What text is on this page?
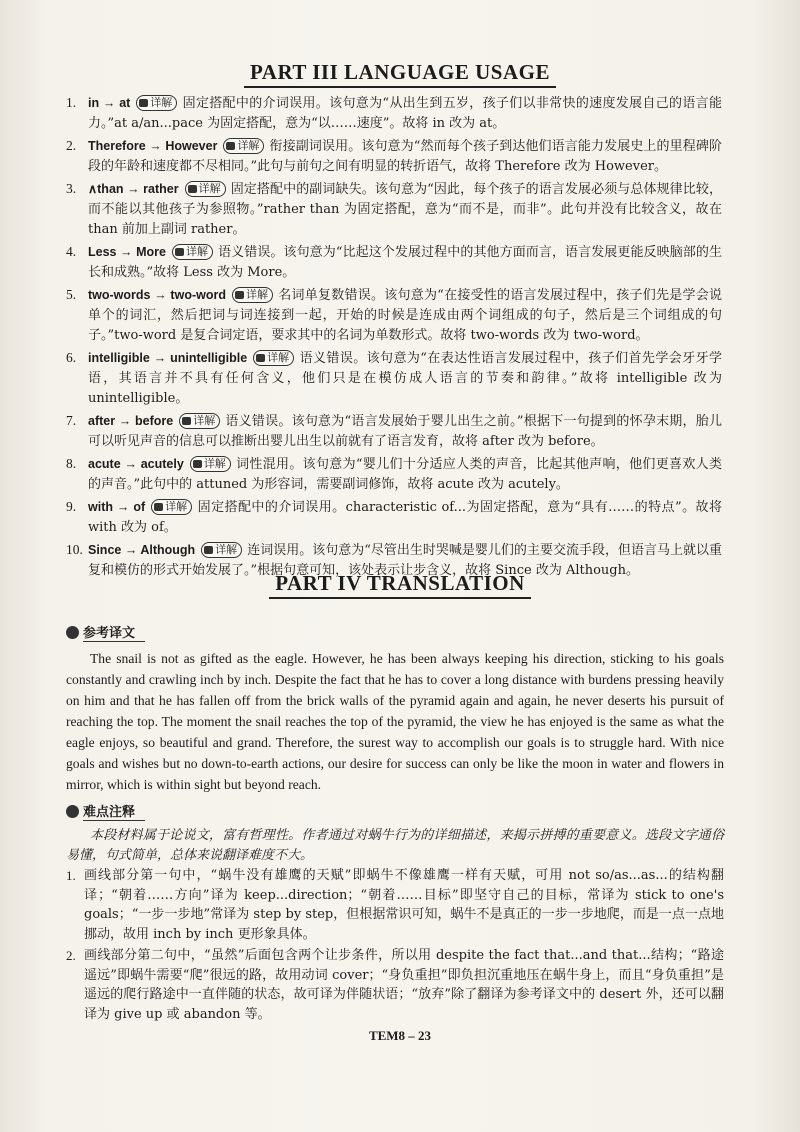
PART III LANGUAGE USAGE
1. in → at 详解 固定搭配中的介词误用。该句意为“从出生到五岁，孩子们以非常快的速度发展自己的语言能力。”at a/an...pace 为固定搭配，意为“以……速度”。故将 in 改为 at。
2. Therefore → However 详解 衔接副词误用。该句意为“然而每个孩子到达他们语言能力发展史上的里程碑阶段的年龄和速度都不尽相同。”此句与前句之间有明显的转折语气，故将 Therefore 改为 However。
3. ∧than → rather 详解 固定搭配中的副词缺失。该句意为“因此，每个孩子的语言发展必须与总体规律比较，而不能以其他孩子为参照物。”rather than 为固定搭配，意为“而不是，而非”。此句并没有比较含义，故在 than 前加上副词 rather。
4. Less → More 详解 语义错误。该句意为“比起这个发展过程中的其他方面而言，语言发展更能反映脑部的生长和成熟。”故将 Less 改为 More。
5. two-words → two-word 详解 名词单复数错误。该句意为“在接受性的语言发展过程中，孩子们先是学会说单个的词汇，然后把词与词连接到一起，开始的时候是连成由两个词组成的句子，然后是三个词组成的句子。”two-word 是复合词定语，要求其中的名词为单数形式。故将 two-words 改为 two-word。
6. intelligible → unintelligible 详解 语义错误。该句意为“在表达性语言发展过程中，孩子们首先学会牙牙学语，其语言并不具有任何含义，他们只是在模仿成人语言的节奏和韵律。”故将 intelligible 改为 unintelligible。
7. after → before 详解 语义错误。该句意为“语言发展始于婴儿出生之前。”根据下一句提到的怀孕末期，胎儿可以听见声音的信息可以推断出婴儿出生以前就有了语言发育，故将 after 改为 before。
8. acute → acutely 详解 词性混用。该句意为“婴儿们十分适应人类的声音，比起其他声响，他们更喜欢人类的声音。”此句中的 attuned 为形容词，需要副词修饰，故将 acute 改为 acutely。
9. with → of 详解 固定搭配中的介词误用。characteristic of...为固定搭配，意为“具有……的特点”。故将 with 改为 of。
10. Since → Although 详解 连词误用。该句意为“尽管出生时哭喊是婴儿们的主要交流手段，但语言马上就以重复和模仿的形式开始发展了。”根据句意可知，该处表示让步含义，故将 Since 改为 Although。
PART IV TRANSLATION
参考译文
The snail is not as gifted as the eagle. However, he has been always keeping his direction, sticking to his goals constantly and crawling inch by inch. Despite the fact that he has to cover a long distance with burdens pressing heavily on him and that he has fallen off from the brick walls of the pyramid again and again, he never deserts his pursuit of reaching the top. The moment the snail reaches the top of the pyramid, the view he has enjoyed is the same as what the eagle enjoys, so beautiful and grand. Therefore, the surest way to accomplish our goals is to struggle hard. With nice goals and wishes but no down-to-earth actions, our desire for success can only be like the moon in water and flowers in mirror, which is within sight but beyond reach.
难点注释
本段材料属于论说文，富有哲理性。作者通过对蜗牛行为的详细描述，来揭示拼搏的重要意义。选段文字通俗易懂，句式简单，总体来说翻译难度不大。
1. 画线部分第一句中，“蜗牛没有雄鹰的天赋”即蜗牛不像雄鹰一样有天赋，可用 not so/as...as...的结构翻译；“朝着……方向”译为 keep...direction；“朝着……目标”即坚守自己的目标，常译为 stick to one's goals；“一步一步地”常译为 step by step，但根据常识可知，蜗牛不是真正的一步一步地爬，而是一点一点地挪动，故用 inch by inch 更形象具体。
2. 画线部分第二句中，“虽然”后面包含两个让步条件，所以用 despite the fact that...and that...结构；“路途遥远”即蜗牛需要“爬”很远的路，故用动词 cover；“身负重担”即负担沉重地压在蜗牛身上，而且“身负重担”是遥远的爬行路途中一直伴随的状态，故可译为伴随状语；“放弃”除了翻译为参考译文中的 desert 外，还可以翻译为 give up 或 abandon 等。
TEM8 – 23
